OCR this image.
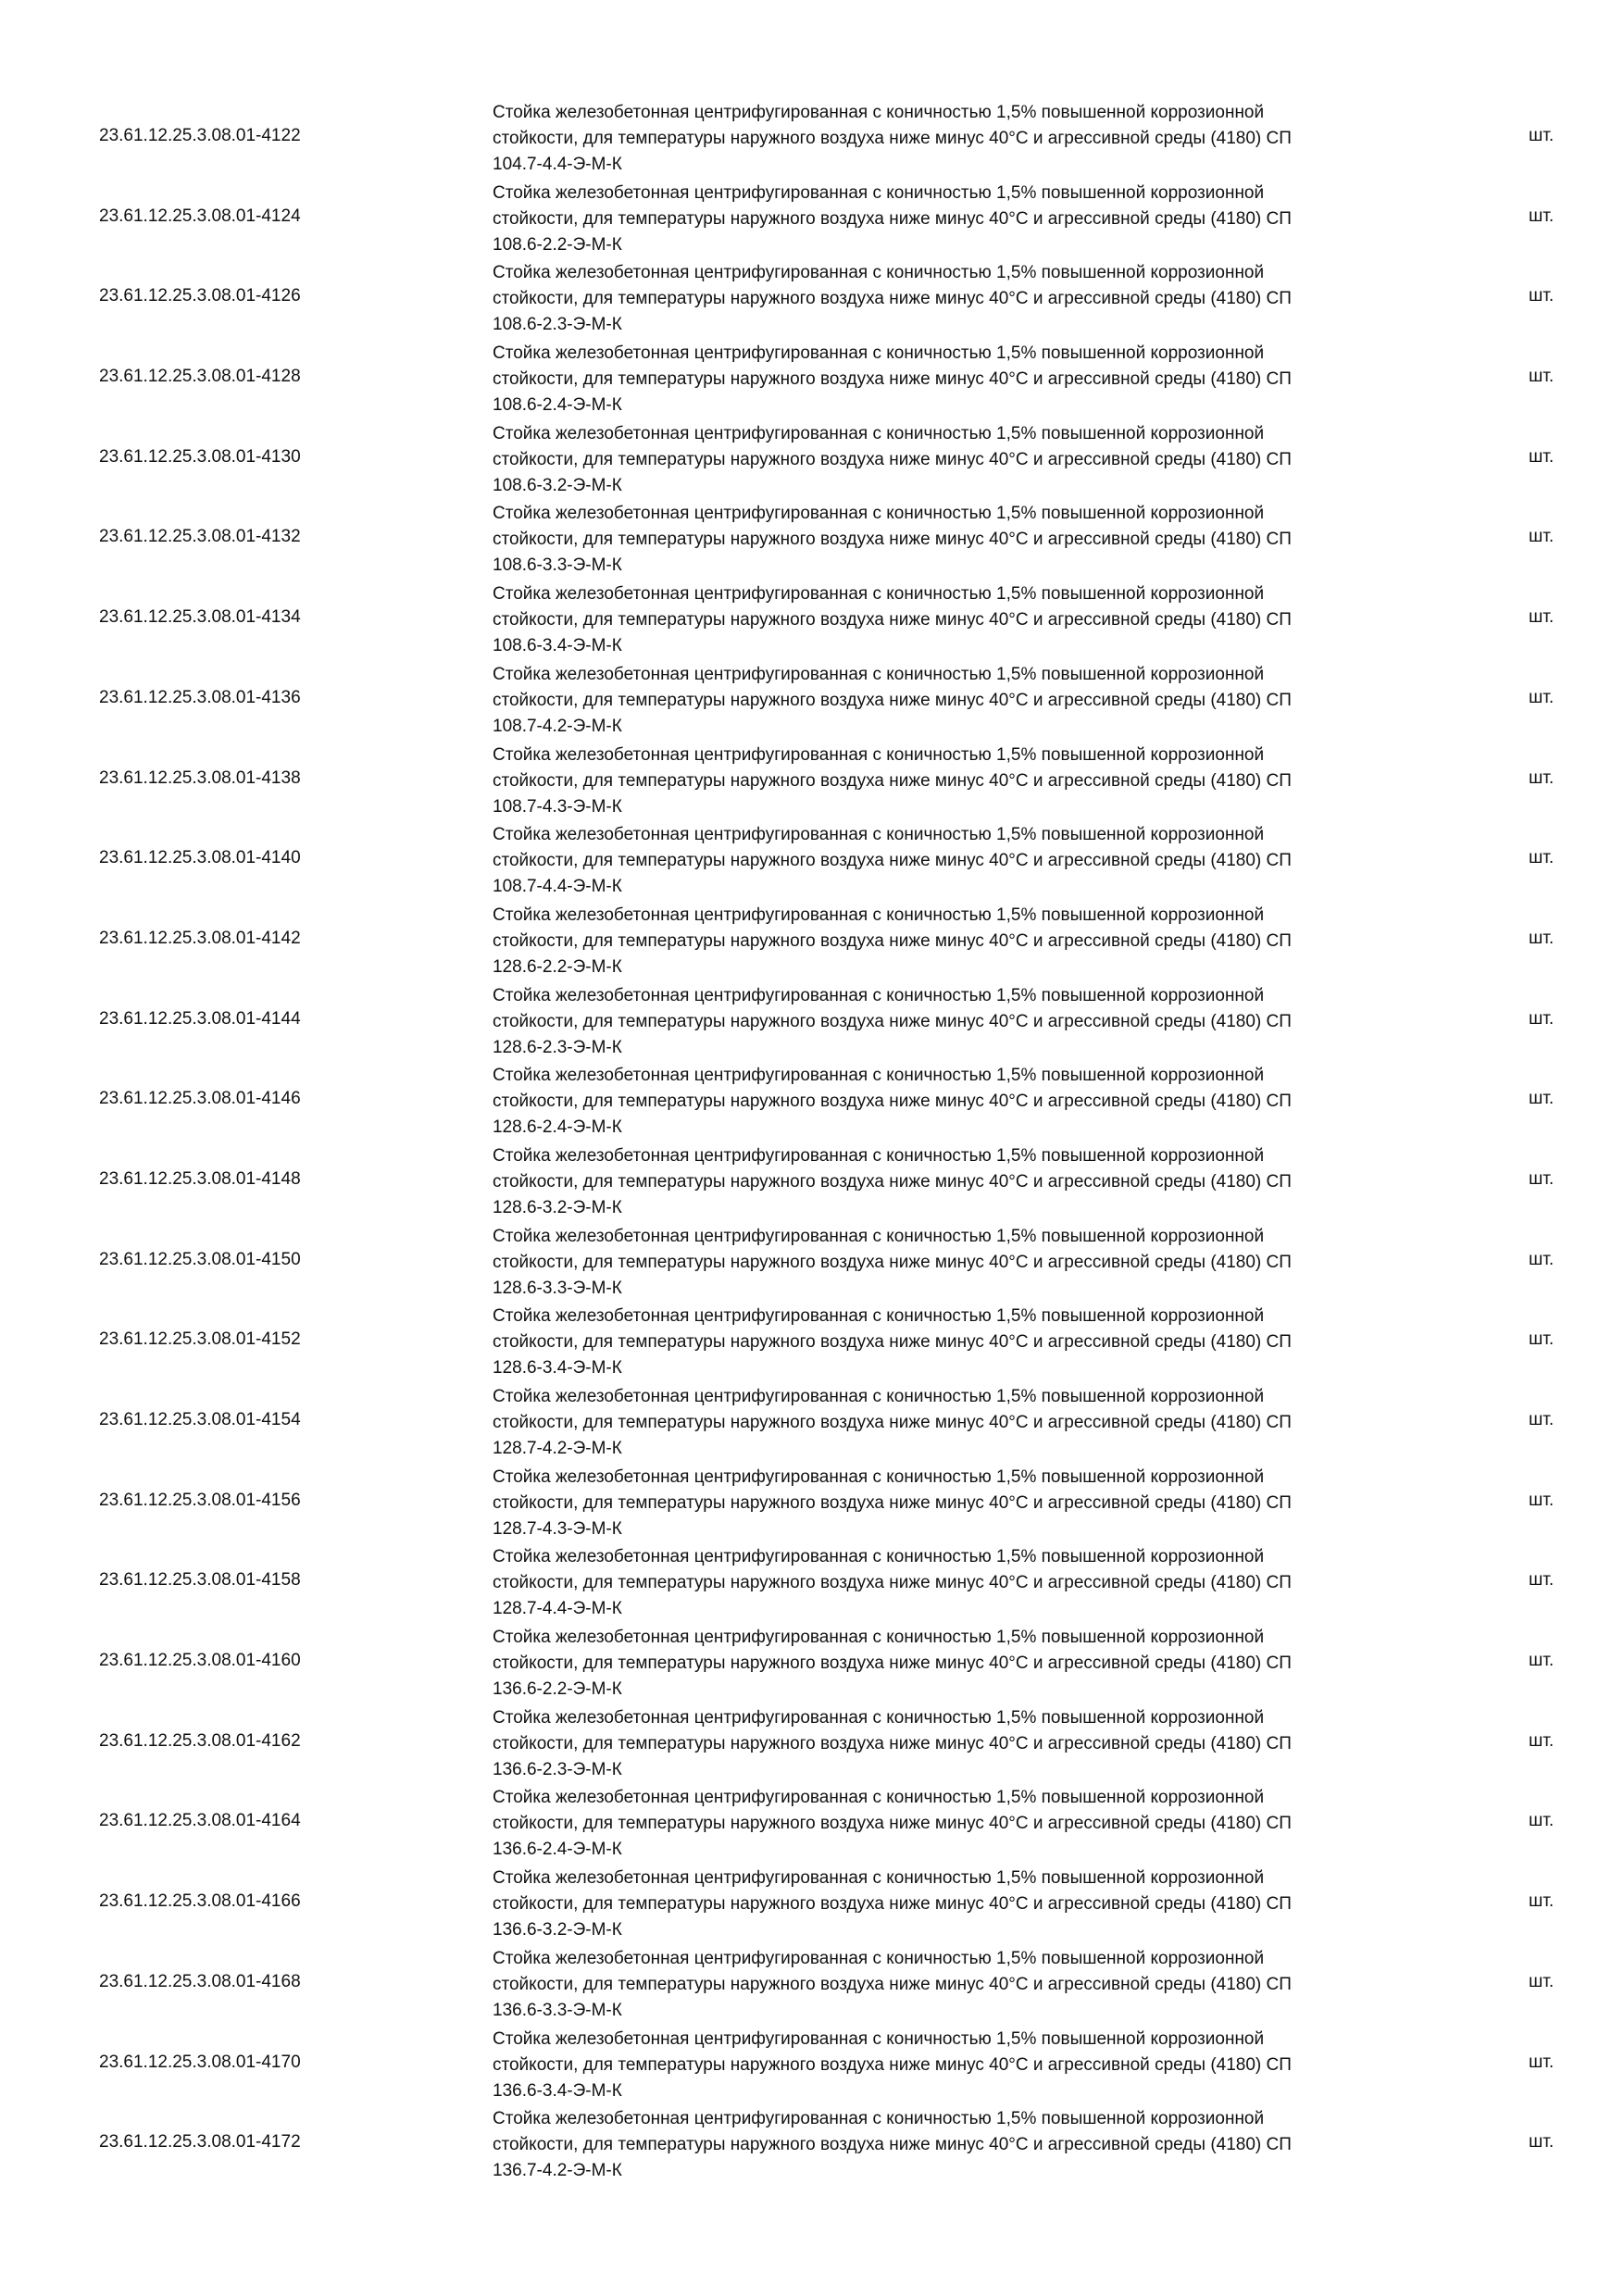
23.61.12.25.3.08.01-4122
Стойка железобетонная центрифугированная с коничностью 1,5% повышенной коррозионной
стойкости, для температуры наружного воздуха ниже минус 40°С и агрессивной среды (4180) СП
104.7-4.4-Э-М-К
шт.
23.61.12.25.3.08.01-4124
Стойка железобетонная центрифугированная с коничностью 1,5% повышенной коррозионной
стойкости, для температуры наружного воздуха ниже минус 40°С и агрессивной среды (4180) СП
108.6-2.2-Э-М-К
шт.
23.61.12.25.3.08.01-4126
Стойка железобетонная центрифугированная с коничностью 1,5% повышенной коррозионной
стойкости, для температуры наружного воздуха ниже минус 40°С и агрессивной среды (4180) СП
108.6-2.3-Э-М-К
шт.
23.61.12.25.3.08.01-4128
Стойка железобетонная центрифугированная с коничностью 1,5% повышенной коррозионной
стойкости, для температуры наружного воздуха ниже минус 40°С и агрессивной среды (4180) СП
108.6-2.4-Э-М-К
шт.
23.61.12.25.3.08.01-4130
Стойка железобетонная центрифугированная с коничностью 1,5% повышенной коррозионной
стойкости, для температуры наружного воздуха ниже минус 40°С и агрессивной среды (4180) СП
108.6-3.2-Э-М-К
шт.
23.61.12.25.3.08.01-4132
Стойка железобетонная центрифугированная с коничностью 1,5% повышенной коррозионной
стойкости, для температуры наружного воздуха ниже минус 40°С и агрессивной среды (4180) СП
108.6-3.3-Э-М-К
шт.
23.61.12.25.3.08.01-4134
Стойка железобетонная центрифугированная с коничностью 1,5% повышенной коррозионной
стойкости, для температуры наружного воздуха ниже минус 40°С и агрессивной среды (4180) СП
108.6-3.4-Э-М-К
шт.
23.61.12.25.3.08.01-4136
Стойка железобетонная центрифугированная с коничностью 1,5% повышенной коррозионной
стойкости, для температуры наружного воздуха ниже минус 40°С и агрессивной среды (4180) СП
108.7-4.2-Э-М-К
шт.
23.61.12.25.3.08.01-4138
Стойка железобетонная центрифугированная с коничностью 1,5% повышенной коррозионной
стойкости, для температуры наружного воздуха ниже минус 40°С и агрессивной среды (4180) СП
108.7-4.3-Э-М-К
шт.
23.61.12.25.3.08.01-4140
Стойка железобетонная центрифугированная с коничностью 1,5% повышенной коррозионной
стойкости, для температуры наружного воздуха ниже минус 40°С и агрессивной среды (4180) СП
108.7-4.4-Э-М-К
шт.
23.61.12.25.3.08.01-4142
Стойка железобетонная центрифугированная с коничностью 1,5% повышенной коррозионной
стойкости, для температуры наружного воздуха ниже минус 40°С и агрессивной среды (4180) СП
128.6-2.2-Э-М-К
шт.
23.61.12.25.3.08.01-4144
Стойка железобетонная центрифугированная с коничностью 1,5% повышенной коррозионной
стойкости, для температуры наружного воздуха ниже минус 40°С и агрессивной среды (4180) СП
128.6-2.3-Э-М-К
шт.
23.61.12.25.3.08.01-4146
Стойка железобетонная центрифугированная с коничностью 1,5% повышенной коррозионной
стойкости, для температуры наружного воздуха ниже минус 40°С и агрессивной среды (4180) СП
128.6-2.4-Э-М-К
шт.
23.61.12.25.3.08.01-4148
Стойка железобетонная центрифугированная с коничностью 1,5% повышенной коррозионной
стойкости, для температуры наружного воздуха ниже минус 40°С и агрессивной среды (4180) СП
128.6-3.2-Э-М-К
шт.
23.61.12.25.3.08.01-4150
Стойка железобетонная центрифугированная с коничностью 1,5% повышенной коррозионной
стойкости, для температуры наружного воздуха ниже минус 40°С и агрессивной среды (4180) СП
128.6-3.3-Э-М-К
шт.
23.61.12.25.3.08.01-4152
Стойка железобетонная центрифугированная с коничностью 1,5% повышенной коррозионной
стойкости, для температуры наружного воздуха ниже минус 40°С и агрессивной среды (4180) СП
128.6-3.4-Э-М-К
шт.
23.61.12.25.3.08.01-4154
Стойка железобетонная центрифугированная с коничностью 1,5% повышенной коррозионной
стойкости, для температуры наружного воздуха ниже минус 40°С и агрессивной среды (4180) СП
128.7-4.2-Э-М-К
шт.
23.61.12.25.3.08.01-4156
Стойка железобетонная центрифугированная с коничностью 1,5% повышенной коррозионной
стойкости, для температуры наружного воздуха ниже минус 40°С и агрессивной среды (4180) СП
128.7-4.3-Э-М-К
шт.
23.61.12.25.3.08.01-4158
Стойка железобетонная центрифугированная с коничностью 1,5% повышенной коррозионной
стойкости, для температуры наружного воздуха ниже минус 40°С и агрессивной среды (4180) СП
128.7-4.4-Э-М-К
шт.
23.61.12.25.3.08.01-4160
Стойка железобетонная центрифугированная с коничностью 1,5% повышенной коррозионной
стойкости, для температуры наружного воздуха ниже минус 40°С и агрессивной среды (4180) СП
136.6-2.2-Э-М-К
шт.
23.61.12.25.3.08.01-4162
Стойка железобетонная центрифугированная с коничностью 1,5% повышенной коррозионной
стойкости, для температуры наружного воздуха ниже минус 40°С и агрессивной среды (4180) СП
136.6-2.3-Э-М-К
шт.
23.61.12.25.3.08.01-4164
Стойка железобетонная центрифугированная с коничностью 1,5% повышенной коррозионной
стойкости, для температуры наружного воздуха ниже минус 40°С и агрессивной среды (4180) СП
136.6-2.4-Э-М-К
шт.
23.61.12.25.3.08.01-4166
Стойка железобетонная центрифугированная с коничностью 1,5% повышенной коррозионной
стойкости, для температуры наружного воздуха ниже минус 40°С и агрессивной среды (4180) СП
136.6-3.2-Э-М-К
шт.
23.61.12.25.3.08.01-4168
Стойка железобетонная центрифугированная с коничностью 1,5% повышенной коррозионной
стойкости, для температуры наружного воздуха ниже минус 40°С и агрессивной среды (4180) СП
136.6-3.3-Э-М-К
шт.
23.61.12.25.3.08.01-4170
Стойка железобетонная центрифугированная с коничностью 1,5% повышенной коррозионной
стойкости, для температуры наружного воздуха ниже минус 40°С и агрессивной среды (4180) СП
136.6-3.4-Э-М-К
шт.
23.61.12.25.3.08.01-4172
Стойка железобетонная центрифугированная с коничностью 1,5% повышенной коррозионной
стойкости, для температуры наружного воздуха ниже минус 40°С и агрессивной среды (4180) СП
136.7-4.2-Э-М-К
шт.
